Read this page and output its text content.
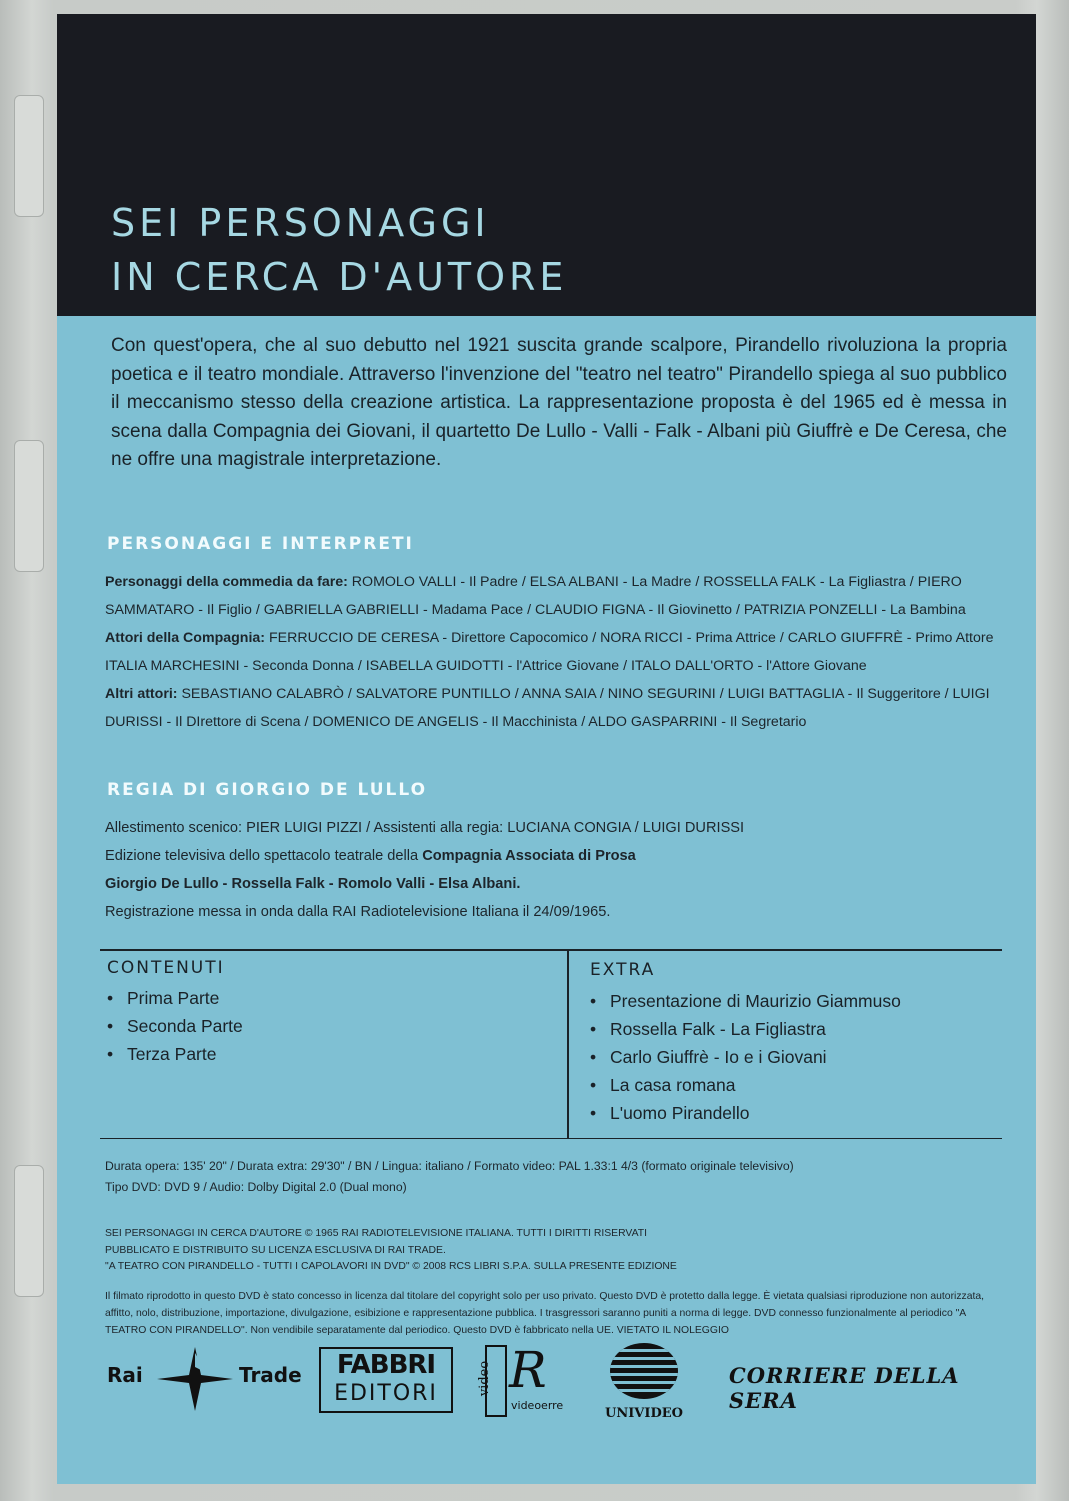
SEI PERSONAGGI
IN CERCA D'AUTORE
Con quest'opera, che al suo debutto nel 1921 suscita grande scalpore, Pirandello rivoluziona la propria poetica e il teatro mondiale. Attraverso l'invenzione del "teatro nel teatro" Pirandello spiega al suo pubblico il meccanismo stesso della creazione artistica. La rappresentazione proposta è del 1965 ed è messa in scena dalla Compagnia dei Giovani, il quartetto De Lullo - Valli - Falk - Albani più Giuffrè e De Ceresa, che ne offre una magistrale interpretazione.
PERSONAGGI E INTERPRETI
Personaggi della commedia da fare: ROMOLO VALLI - Il Padre / ELSA ALBANI - La Madre / ROSSELLA FALK - La Figliastra / PIERO SAMMATARO - Il Figlio / GABRIELLA GABRIELLI - Madama Pace / CLAUDIO FIGNA - Il Giovinetto / PATRIZIA PONZELLI - La Bambina
Attori della Compagnia: FERRUCCIO DE CERESA - Direttore Capocomico / NORA RICCI - Prima Attrice / CARLO GIUFFRÈ - Primo Attore ITALIA MARCHESINI - Seconda Donna / ISABELLA GUIDOTTI - l'Attrice Giovane / ITALO DALL'ORTO - l'Attore Giovane
Altri attori: SEBASTIANO CALABRÒ / SALVATORE PUNTILLO / ANNA SAIA / NINO SEGURINI / LUIGI BATTAGLIA - Il Suggeritore / LUIGI DURISSI - Il DIrettore di Scena / DOMENICO DE ANGELIS - Il Macchinista / ALDO GASPARRINI - Il Segretario
REGIA DI GIORGIO DE LULLO
Allestimento scenico: PIER LUIGI PIZZI / Assistenti alla regia: LUCIANA CONGIA / LUIGI DURISSI
Edizione televisiva dello spettacolo teatrale della Compagnia Associata di Prosa
Giorgio De Lullo - Rossella Falk - Romolo Valli - Elsa Albani.
Registrazione messa in onda dalla RAI Radiotelevisione Italiana il 24/09/1965.
CONTENUTI
• Prima Parte
• Seconda Parte
• Terza Parte
EXTRA
• Presentazione di Maurizio Giammuso
• Rossella Falk - La Figliastra
• Carlo Giuffrè - Io e i Giovani
• La casa romana
• L'uomo Pirandello
Durata opera: 135' 20" / Durata extra: 29'30" / BN / Lingua: italiano / Formato video: PAL 1.33:1 4/3 (formato originale televisivo)
Tipo DVD: DVD 9 / Audio: Dolby Digital 2.0 (Dual mono)
SEI PERSONAGGI IN CERCA D'AUTORE © 1965 RAI RADIOTELEVISIONE ITALIANA. TUTTI I DIRITTI RISERVATI
PUBBLICATO E DISTRIBUITO SU LICENZA ESCLUSIVA DI RAI TRADE.
"A TEATRO CON PIRANDELLO - TUTTI I CAPOLAVORI IN DVD" © 2008 RCS LIBRI S.P.A. SULLA PRESENTE EDIZIONE
Il filmato riprodotto in questo DVD è stato concesso in licenza dal titolare del copyright solo per uso privato. Questo DVD è protetto dalla legge. È vietata qualsiasi riproduzione non autorizzata, affitto, nolo, distribuzione, importazione, divulgazione, esibizione e rappresentazione pubblica. I trasgressori saranno puniti a norma di legge. DVD connesso funzionalmente al periodico "A TEATRO CON PIRANDELLO". Non vendibile separatamente dal periodico. Questo DVD è fabbricato nella UE. VIETATO IL NOLEGGIO
Rai	Trade	FABBRI
EDITORI	video R
videoerre
UNIVIDEO
CORRIERE DELLA SERA
